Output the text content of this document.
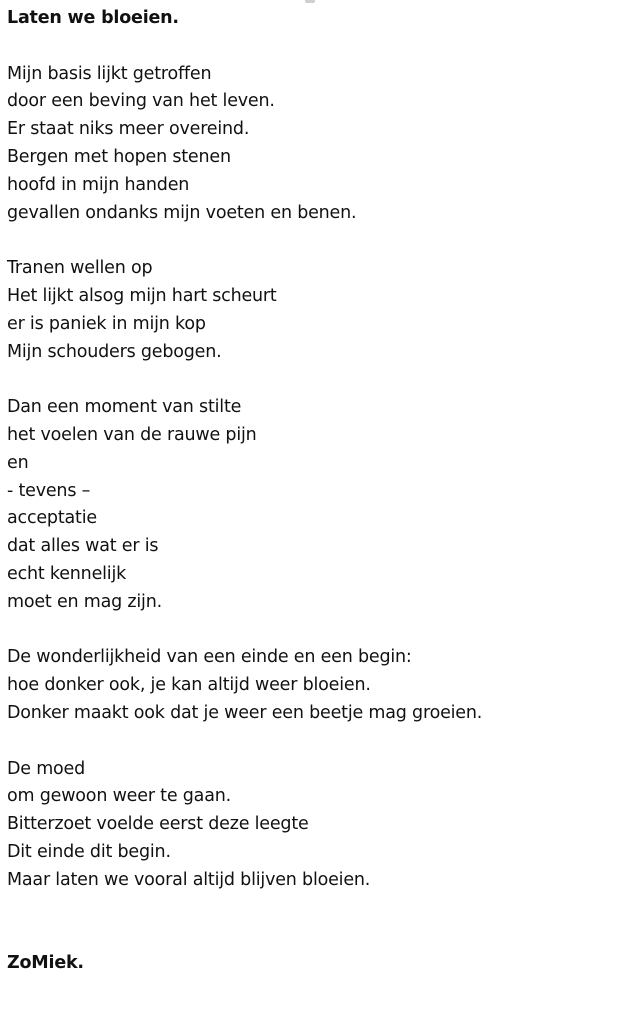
Laten we bloeien.

Mijn basis lijkt getroffen
door een beving van het leven.
Er staat niks meer overeind.
Bergen met hopen stenen
hoofd in mijn handen
gevallen ondanks mijn voeten en benen.
Tranen wellen op
Het lijkt alsog mijn hart scheurt
er is paniek in mijn kop
Mijn schouders gebogen.
Dan een moment van stilte
het voelen van de rauwe pijn
en
- tevens –
acceptatie
dat alles wat er is
echt kennelijk
moet en mag zijn.
De wonderlijkheid van een einde en een begin:
hoe donker ook, je kan altijd weer bloeien.
Donker maakt ook dat je weer een beetje mag groeien.
De moed
om gewoon weer te gaan.
Bitterzoet voelde eerst deze leegte
Dit einde dit begin.
Maar laten we vooral altijd blijven bloeien.

ZoMiek.
